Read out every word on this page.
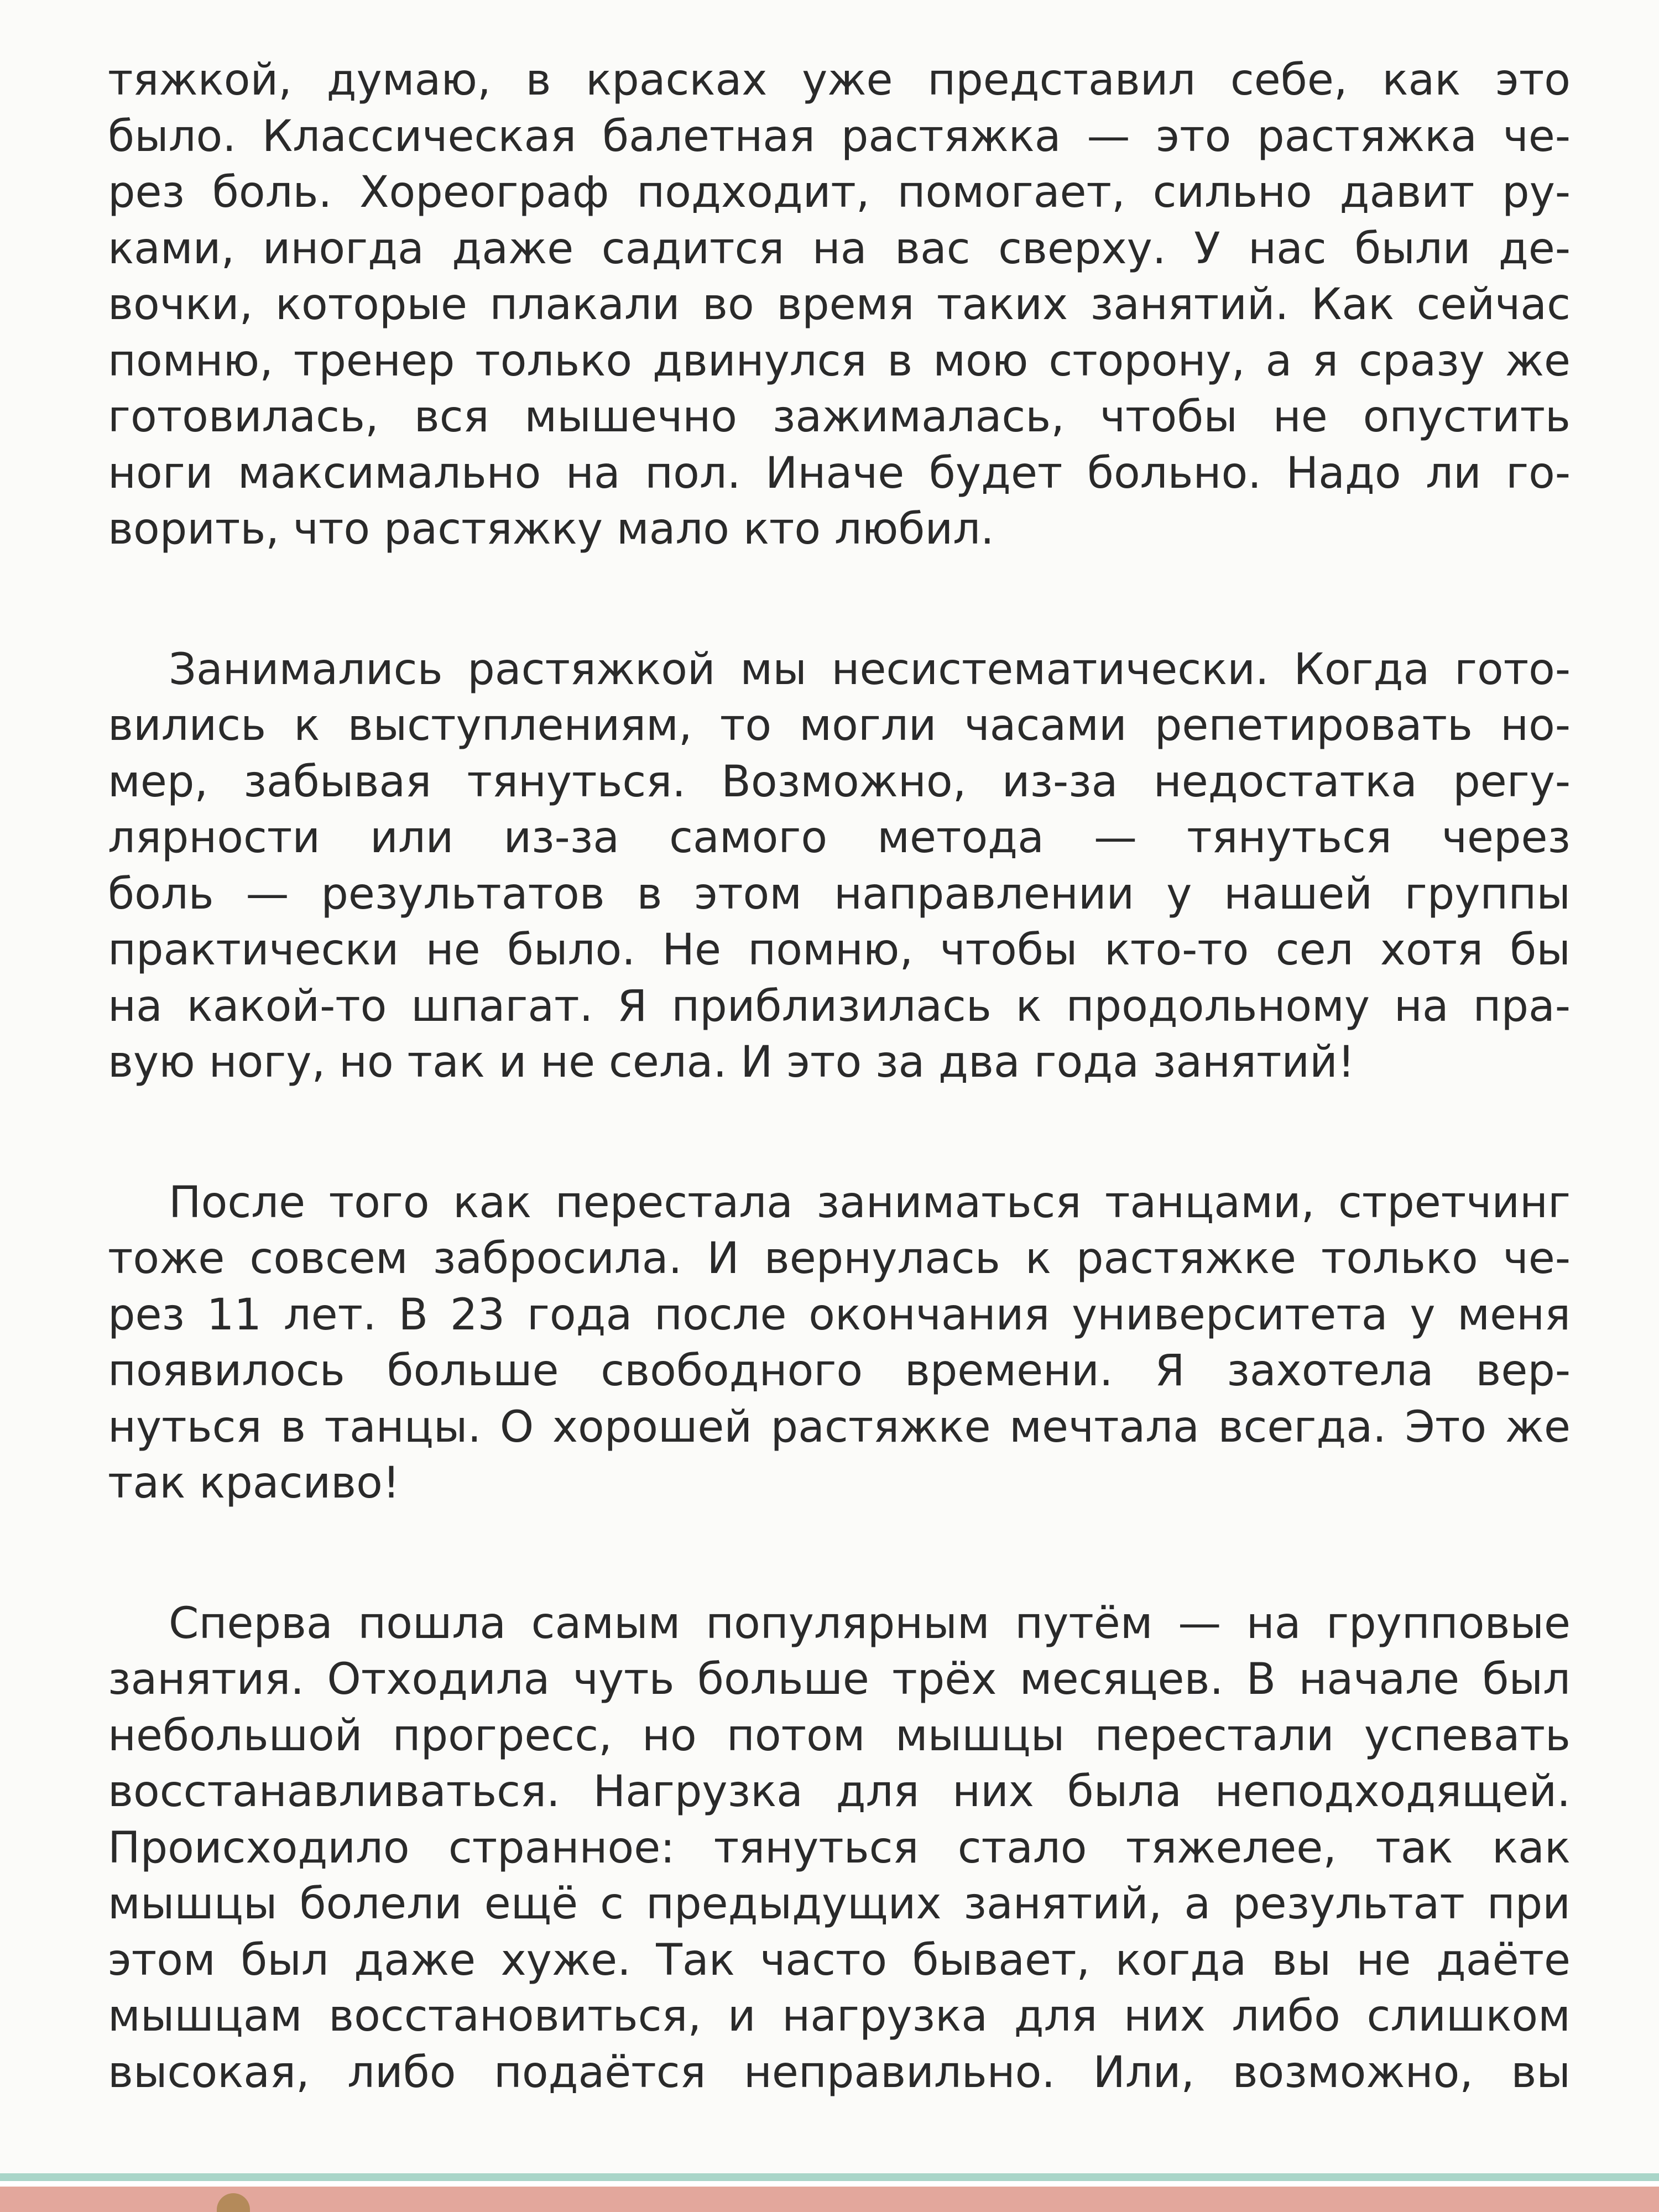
тяжкой, думаю, в красках уже представил себе, как это
было. Классическая балетная растяжка — это растяжка че-
рез боль. Хореограф подходит, помогает, сильно давит ру-
ками, иногда даже садится на вас сверху. У нас были де-
вочки, которые плакали во время таких занятий. Как сейчас
помню, тренер только двинулся в мою сторону, а я сразу же
готовилась, вся мышечно зажималась, чтобы не опустить
ноги максимально на пол. Иначе будет больно. Надо ли го-
ворить, что растяжку мало кто любил.
Занимались растяжкой мы несистематически. Когда гото-
вились к выступлениям, то могли часами репетировать но-
мер, забывая тянуться. Возможно, из-за недостатка регу-
лярности или из-за самого метода — тянуться через
боль — результатов в этом направлении у нашей группы
практически не было. Не помню, чтобы кто-то сел хотя бы
на какой-то шпагат. Я приблизилась к продольному на пра-
вую ногу, но так и не села. И это за два года занятий!
После того как перестала заниматься танцами, стретчинг
тоже совсем забросила. И вернулась к растяжке только че-
рез 11 лет. В 23 года после окончания университета у меня
появилось больше свободного времени. Я захотела вер-
нуться в танцы. О хорошей растяжке мечтала всегда. Это же
так красиво!
Сперва пошла самым популярным путём — на групповые
занятия. Отходила чуть больше трёх месяцев. В начале был
небольшой прогресс, но потом мышцы перестали успевать
восстанавливаться. Нагрузка для них была неподходящей.
Происходило странное: тянуться стало тяжелее, так как
мышцы болели ещё с предыдущих занятий, а результат при
этом был даже хуже. Так часто бывает, когда вы не даёте
мышцам восстановиться, и нагрузка для них либо слишком
высокая, либо подаётся неправильно. Или, возможно, вы
